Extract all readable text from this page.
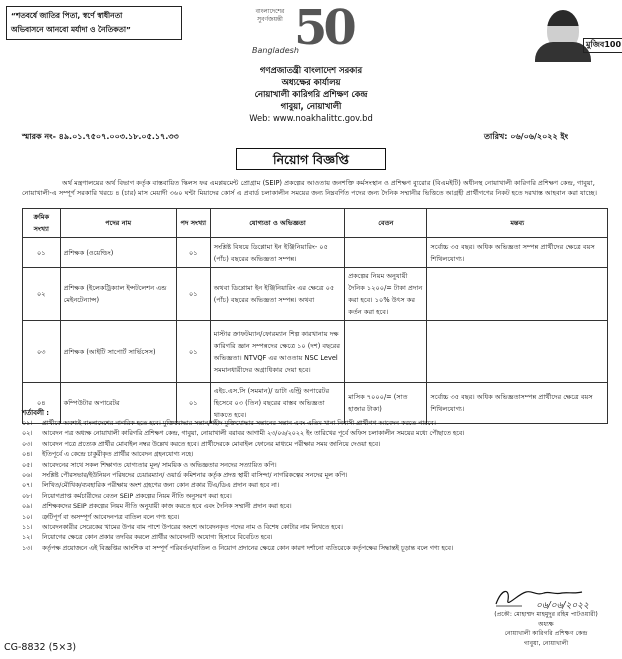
“শতবর্ষে জাতির পিতা, স্বর্ণে স্বাধীনতা
অভিবাসনে আনবো মর্যাদা ও নৈতিকতা”
বাংলাদেশের সুবর্ণজয়ন্তী
Bangladesh
50	মুজিব100
গণপ্রজাতন্ত্রী বাংলাদেশ সরকার
অধ্যক্ষের কার্যালয়
নোয়াখালী কারিগরি প্রশিক্ষণ কেন্দ্র
গাবুয়া, নোয়াখালী
Web: www.noakhalittc.gov.bd
স্মারক নং- ৪৯.০১.৭৫০৭.০০৩.১৮.০৫.১৭.৩৩	তারিখ: ০৬/০৬/২০২২ ইং
নিয়োগ বিজ্ঞপ্তি
অর্থ মন্ত্রণালয়ের অর্থ বিভাগ কর্তৃক বাস্তবায়িত স্কিলস ফর এমপ্লয়মেন্ট প্রোগ্রাম (SEIP) প্রকল্পের আওতায় জনশক্তি কর্মসংস্থান ও প্রশিক্ষণ ব্যুরোর (বিএমইটি) অধীনস্থ নোয়াখালী কারিগরি প্রশিক্ষণ কেন্দ্র, গাবুয়া, নোয়াখালী-এ সম্পূর্ণ সরকারি খরচে ৪ (চার) মাস মেয়াদী ৩৬০ ঘন্টা মিয়াদের কোর্স এ প্রবার্ড চলাকালীন সময়ের জন্য নিম্নবর্ণিত পদের জন্য দৈনিক সম্মানীর ভিত্তিতে আগ্রহী প্রার্থীগণের নিকট হতে দরখাস্ত আহবান করা যাচ্ছে।
ক্রমিক সংখ্যা	পদের নাম	পদ সংখ্যা	যোগ্যতা ও অভিজ্ঞতা	বেতন	মন্তব্য
০১	প্রশিক্ষক (ওয়েল্ডিং)	০১	সংশ্লিষ্ট বিষয়ে ডিপ্লোমা ইন ইঞ্জিনিয়ারিং- ০৫ (পাঁচ) বছরের অভিজ্ঞতা সম্পন্ন।		সর্বোচ্চ ৩৫ বছর। অধিক অভিজ্ঞতা সম্পন্ন প্রার্থীদের ক্ষেত্রে বয়স শিথিলযোগ্য।
০২	প্রশিক্ষক (ইলেকট্রিক্যাল ইন্সটলেশন এন্ড মেইনটেন্যান্স)	০১	অথবা ডিপ্লোমা ইন ইঞ্জিনিয়ারিং এর ক্ষেত্রে ০৫ (পাঁচ) বছরের অভিজ্ঞতা সম্পন্ন। অথবা	প্রকল্পের নিয়ম অনুযায়ী দৈনিক ১২০০/= টাকা প্রদান করা হবে। ১০% উৎস কর কর্তন করা হবে।	
০৩	প্রশিক্ষক (আইটি সাপোর্ট সার্ভিসেস)	০১	মাস্টার ক্রাফটম্যান/ফোরম্যান শিল্প কারখানায় দক্ষ কারিগরি জ্ঞান সম্পন্নদের ক্ষেত্রে ১০ (দশ) বছরের অভিজ্ঞতা। NTVQF এর আওতায় NSC Level সমমানধারীদের অগ্রাধিকার দেয়া হবে।		
০৪	কম্পিউটার অপারেটর	০১	এইচ.এস.সি (সমমান)/ ডাটা এন্ট্রি অপারেটর হিসেবে ০৩ (তিন) বছরের বাস্তব অভিজ্ঞতা থাকতে হবে।	মাসিক ৭০০০/= (সাত হাজার টাকা)	সর্বোচ্চ ৩৫ বছর। অধিক অভিজ্ঞতাসম্পন্ন প্রার্থীদের ক্ষেত্রে বয়স শিথিলযোগ্য।
শর্তাবলী :
০১।	প্রার্থীকে অবশ্যই বাংলাদেশের নাগরিক হতে হবে। মুক্তিযোদ্ধার সন্তান/শহীদ মুক্তিযোদ্ধার সন্তানের সন্তান এবং এতিম খানা নিবাসী প্রার্থীগণ আবেদন করতে পারবে।
০২।	আবেদন পত্র অধ্যক্ষ নোয়াখালী কারিগরি প্রশিক্ষণ কেন্দ্র, গাবুয়া, নোয়াখালী বরাবর আগামী ২৩/০৬/২০২২ ইং তারিখের পূর্বে অফিস চলাকালীন সময়ের মধ্যে পৌছাতে হবে।
০৩।	আবেদন পত্রে প্রত্যেক প্রার্থীর মোবাইল নম্বর উল্লেখ করতে হবে। প্রার্থীদেরকে মোবাইল ফোনের মাধ্যমে পরীক্ষার সময় জানিয়ে দেওয়া হবে।
০৪।	ইতিপূর্বে এ কেন্দ্রে চাকুরীকৃত প্রার্থীর আবেদন গ্রহনযোগ্য নহে।
০৫।	আবেদনের সাথে সকল শিক্ষাগত যোগ্যতার মূল/ সাময়িক ও অভিজ্ঞতার সনদের সত্যায়িত কপি।
০৬।	সংশ্লিষ্ট পৌরসভার/ইউনিয়ন পরিষদের চেয়ারম্যান/ ওয়ার্ড কমিশনার কর্তৃক প্রদত্ত স্থায়ী বাসিন্দা/ নাগরিকত্বের সনদের মূল কপি।
০৭।	লিখিত/মৌখিক/ব্যবহারিক পরীক্ষায় অংশ গ্রহণের জন্য কোন প্রকার টিএ/ডিএ প্রদান করা হবে না।
০৮।	নিয়োগপ্রাপ্ত কর্মচারীদের বেতন SEIP প্রকল্পের নিয়ম নীতি অনুসরণ করা হবে।
০৯।	প্রশিক্ষকদের SEIP প্রকল্পের নিয়ম নীতি অনুযায়ী কাজ করতে হবে এবং দৈনিক সম্মানী প্রদান করা হবে।
১০।	ত্রুটিপূর্ণ বা অসম্পূর্ণ আবেদনপত্র বাতিল বলে গণ্য হবে।
১১।	আবেদনকারীর সেরেকের খামের উপর বাম পাশে উপরের অংশে আবেদনকৃত পদের নাম ও বিশেষ কোটার নাম লিখতে হবে।
১২।	নিয়োগের ক্ষেত্রে কোন প্রকার তদবির করলে প্রার্থীর আবেদনটি অযোগ্য হিসাবে বিবেচিত হবে।
১৩।	কর্তৃপক্ষ প্রয়োজনে এই বিজ্ঞপ্তির আংশিক বা সম্পূর্ণ পরিবর্তন/বাতিল ও নিয়োগ প্রদানের ক্ষেত্রে কোন কারণ দর্শানো ব্যতিরেকে কর্তৃপক্ষের সিদ্ধান্তই চূড়ান্ত বলে গণ্য হবে।
০৬/০৬/২০২২
(প্রকৌ: মোহাম্মদ মাহমুদুর রহিম পাটওয়ারী)
অধ্যক্ষ
নোয়াখালী কারিগরি প্রশিক্ষণ কেন্দ্র
গাবুয়া, নোয়াখালী
CG-8832 (5×3)
